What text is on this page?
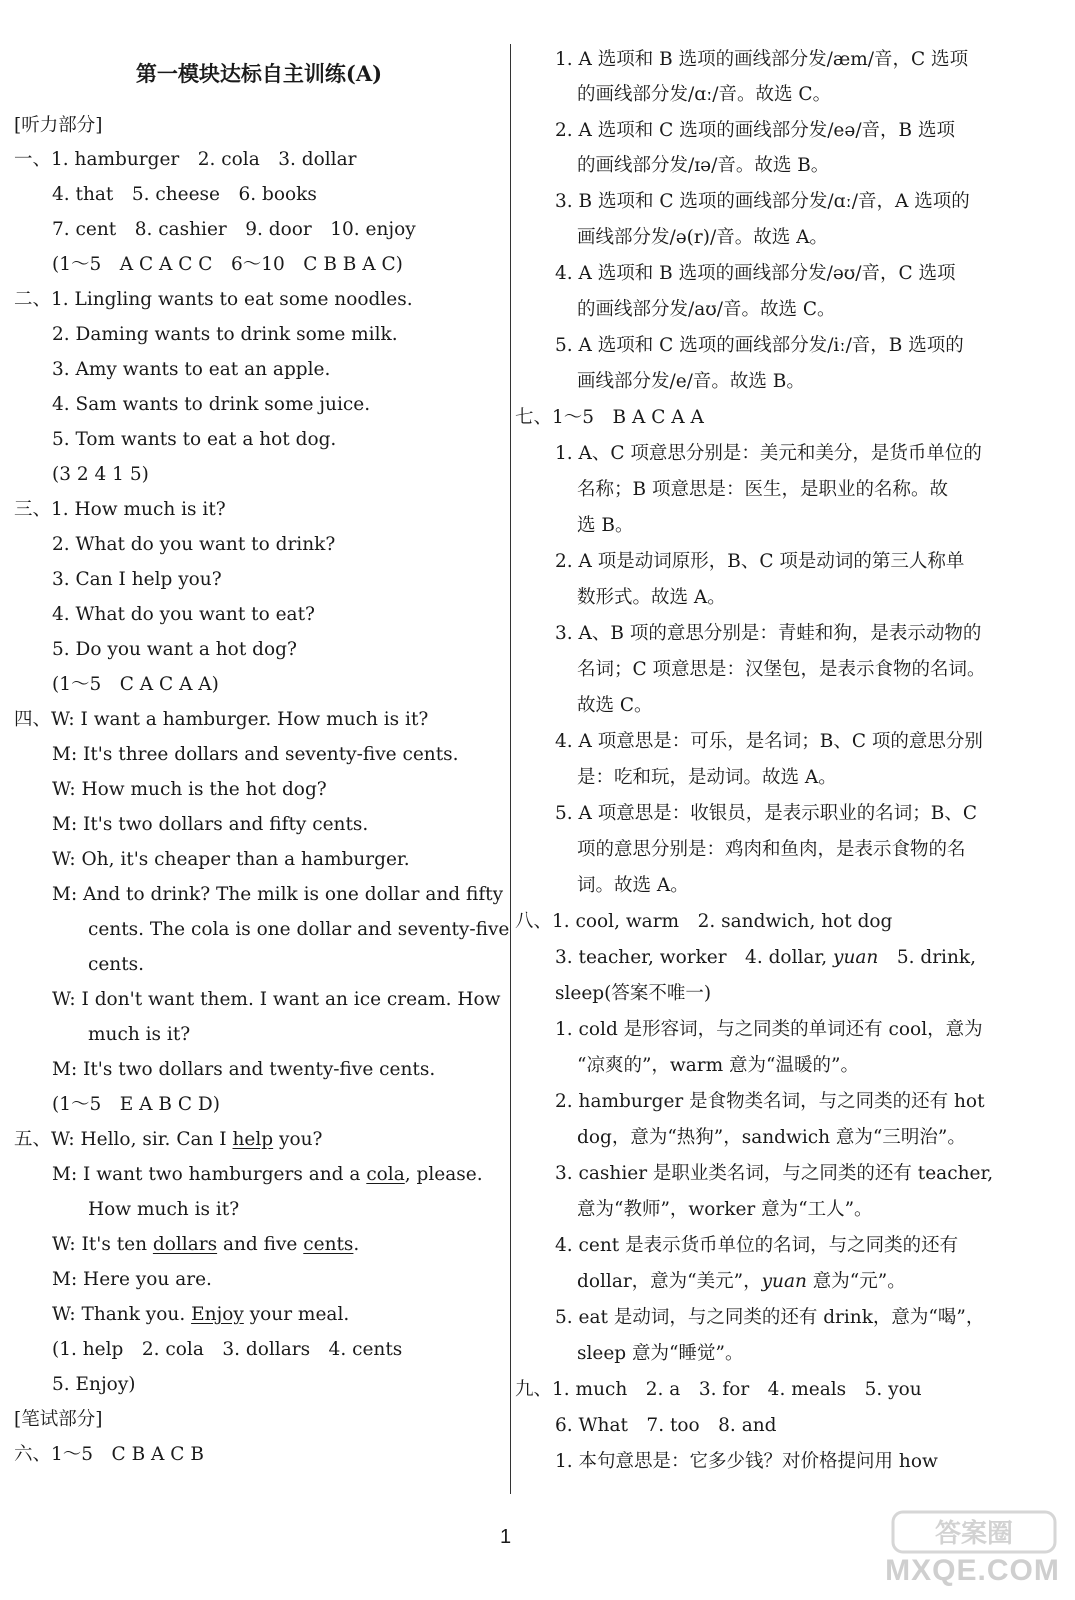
第一模块达标自主训练(A)
[听力部分]
一、1. hamburger　2. cola　3. dollar
4. that　5. cheese　6. books
7. cent　8. cashier　9. door　10. enjoy
(1～5　A C A C C　6～10　C B B A C)
二、1. Lingling wants to eat some noodles.
2. Daming wants to drink some milk.
3. Amy wants to eat an apple.
4. Sam wants to drink some juice.
5. Tom wants to eat a hot dog.
(3 2 4 1 5)
三、1. How much is it?
2. What do you want to drink?
3. Can I help you?
4. What do you want to eat?
5. Do you want a hot dog?
(1～5　C A C A A)
四、W: I want a hamburger. How much is it?
M: It's three dollars and seventy-five cents.
W: How much is the hot dog?
M: It's two dollars and fifty cents.
W: Oh, it's cheaper than a hamburger.
M: And to drink? The milk is one dollar and fifty
cents. The cola is one dollar and seventy-five
cents.
W: I don't want them. I want an ice cream. How
much is it?
M: It's two dollars and twenty-five cents.
(1～5　E A B C D)
五、W: Hello, sir. Can I help you?
M: I want two hamburgers and a cola, please.
How much is it?
W: It's ten dollars and five cents.
M: Here you are.
W: Thank you. Enjoy your meal.
(1. help　2. cola　3. dollars　4. cents
5. Enjoy)
[笔试部分]
六、1～5　C B A C B
1. A 选项和 B 选项的画线部分发/æm/音，C 选项
的画线部分发/ɑː/音。故选 C。
2. A 选项和 C 选项的画线部分发/eə/音，B 选项
的画线部分发/ɪə/音。故选 B。
3. B 选项和 C 选项的画线部分发/ɑː/音，A 选项的
画线部分发/ə(r)/音。故选 A。
4. A 选项和 B 选项的画线部分发/əʊ/音，C 选项
的画线部分发/aʊ/音。故选 C。
5. A 选项和 C 选项的画线部分发/iː/音，B 选项的
画线部分发/e/音。故选 B。
七、1～5　B A C A A
1. A、C 项意思分别是：美元和美分，是货币单位的
名称；B 项意思是：医生，是职业的名称。故
选 B。
2. A 项是动词原形，B、C 项是动词的第三人称单
数形式。故选 A。
3. A、B 项的意思分别是：青蛙和狗，是表示动物的
名词；C 项意思是：汉堡包，是表示食物的名词。
故选 C。
4. A 项意思是：可乐，是名词；B、C 项的意思分别
是：吃和玩，是动词。故选 A。
5. A 项意思是：收银员，是表示职业的名词；B、C
项的意思分别是：鸡肉和鱼肉，是表示食物的名
词。故选 A。
八、1. cool, warm　2. sandwich, hot dog
3. teacher, worker　4. dollar, yuan　5. drink,
sleep(答案不唯一)
1. cold 是形容词，与之同类的单词还有 cool，意为
“凉爽的”，warm 意为“温暖的”。
2. hamburger 是食物类名词，与之同类的还有 hot
dog，意为“热狗”，sandwich 意为“三明治”。
3. cashier 是职业类名词，与之同类的还有 teacher,
意为“教师”，worker 意为“工人”。
4. cent 是表示货币单位的名词，与之同类的还有
dollar，意为“美元”，yuan 意为“元”。
5. eat 是动词，与之同类的还有 drink，意为“喝”，
sleep 意为“睡觉”。
九、1. much　2. a　3. for　4. meals　5. you
6. What　7. too　8. and
1. 本句意思是：它多少钱？对价格提问用 how
1	答案圈
MXQE.COM
